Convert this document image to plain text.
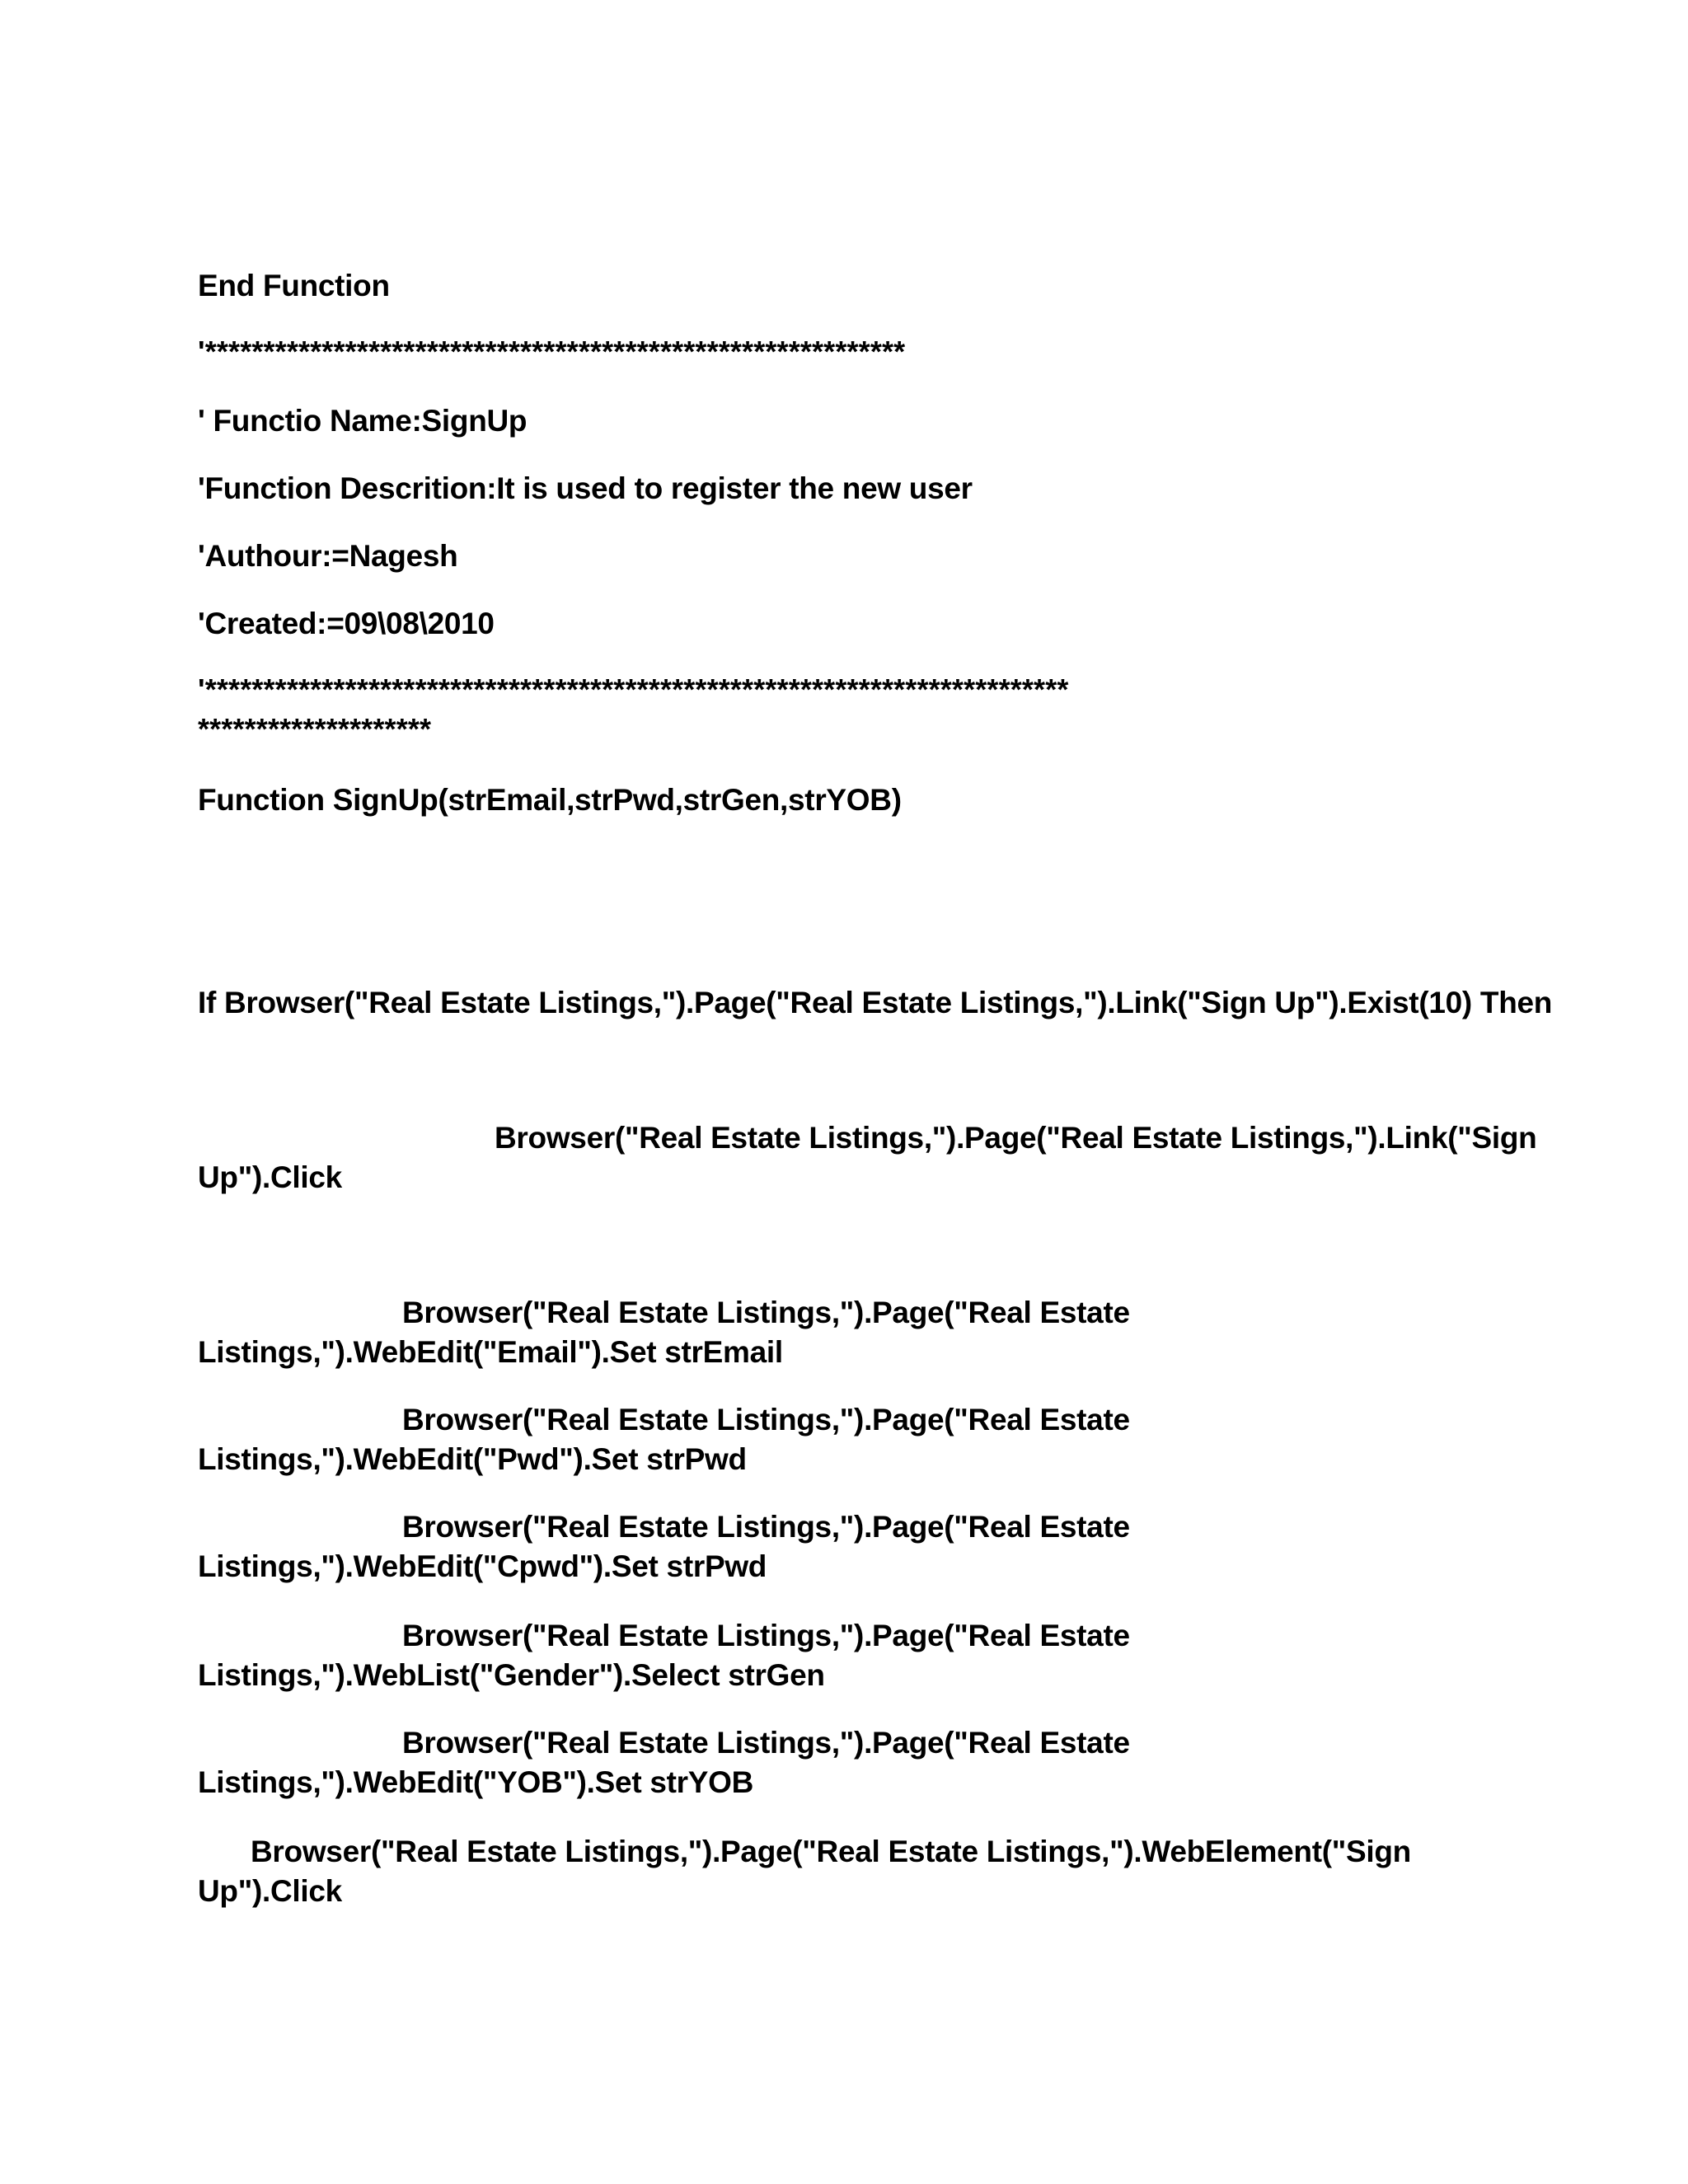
End Function

'************************************************************

' Functio Name:SignUp

'Function Descrition:It is used to register the new user

'Authour:=Nagesh

'Created:=09\08\2010

'**************************************************************************

********************

Function SignUp(strEmail,strPwd,strGen,strYOB)

If Browser("Real Estate Listings,").Page("Real Estate Listings,").Link("Sign Up").Exist(10) Then

Browser("Real Estate Listings,").Page("Real Estate Listings,").Link("Sign

Up").Click

Browser("Real Estate Listings,").Page("Real Estate

Listings,").WebEdit("Email").Set strEmail

Browser("Real Estate Listings,").Page("Real Estate

Listings,").WebEdit("Pwd").Set strPwd

Browser("Real Estate Listings,").Page("Real Estate

Listings,").WebEdit("Cpwd").Set strPwd

Browser("Real Estate Listings,").Page("Real Estate

Listings,").WebList("Gender").Select strGen

Browser("Real Estate Listings,").Page("Real Estate

Listings,").WebEdit("YOB").Set strYOB

Browser("Real Estate Listings,").Page("Real Estate Listings,").WebElement("Sign

Up").Click
